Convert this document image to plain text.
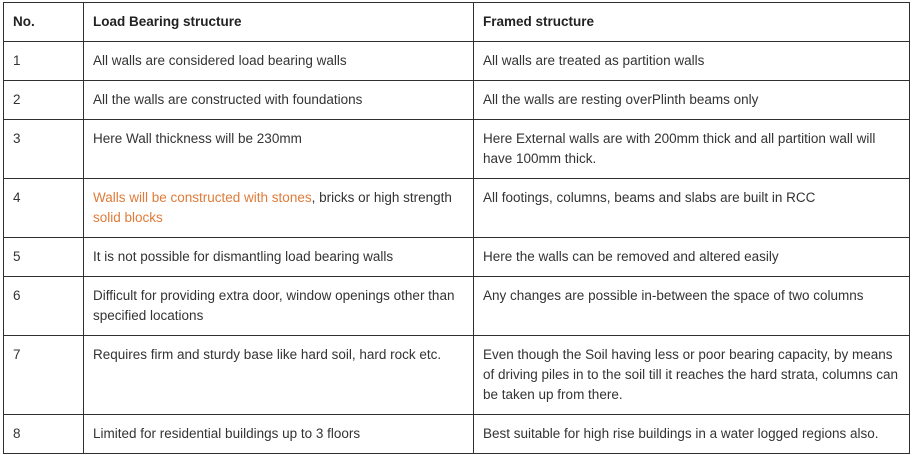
No.	Load Bearing structure	Framed structure
1	All walls are considered load bearing walls	All walls are treated as partition walls
2	All the walls are constructed with foundations	All the walls are resting overPlinth beams only
3	Here Wall thickness will be 230mm	Here External walls are with 200mm thick and all partition wall will have 100mm thick.
4	Walls will be constructed with stones, bricks or high strength solid blocks	All footings, columns, beams and slabs are built in RCC
5	It is not possible for dismantling load bearing walls	Here the walls can be removed and altered easily
6	Difficult for providing extra door, window openings other than specified locations	Any changes are possible in-between the space of two columns
7	Requires firm and sturdy base like hard soil, hard rock etc.	Even though the Soil having less or poor bearing capacity, by means of driving piles in to the soil till it reaches the hard strata, columns can be taken up from there.
8	Limited for residential buildings up to 3 floors	Best suitable for high rise buildings in a water logged regions also.
